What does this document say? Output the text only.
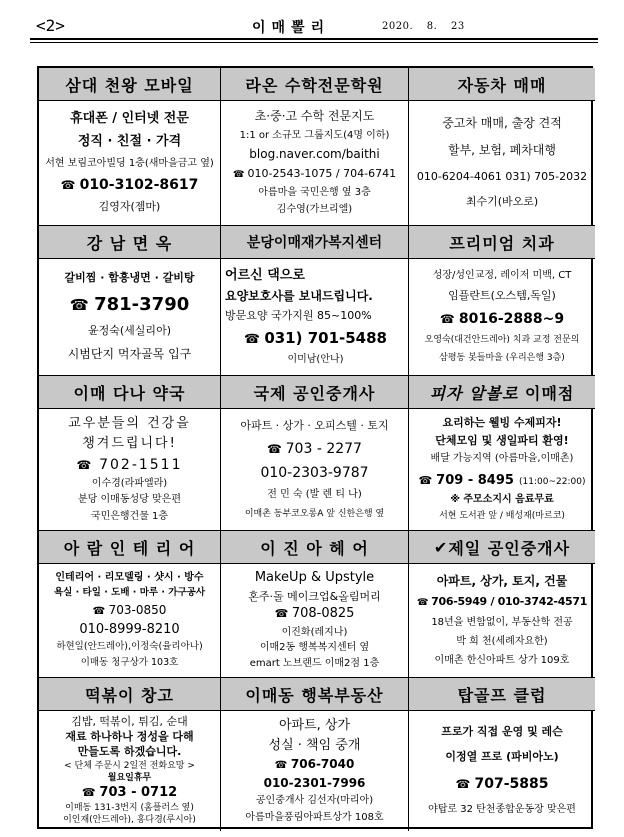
<2>	이매뽈리	2020. 8. 23
삼대 천왕 모바일
휴대폰 / 인터넷 전문
정직 · 친절 · 가격
서현 보림코아빌딩 1층(새마을금고 옆)
☎ 010-3102-8617
김영자(젬마)
라온 수학전문학원
초·중·고 수학 전문지도
1:1 or 소규모 그룹지도(4명 이하)
blog.naver.com/baithi
☎ 010-2543-1075 / 704-6741
아름마을 국민은행 옆 3층
김수영(가브리엘)
자동차 매매
중고차 매매, 출장 견적
할부, 보험, 폐차대행
010-6204-4061 031) 705-2032
최수기(바오로)
강 남 면 옥
갈비찜 · 함흥냉면 · 갈비탕
☎ 781-3790
윤정숙(세실리아)
시범단지 먹자골목 입구
분당이매재가복지센터
어르신 댁으로
요양보호사를 보내드립니다.
방문요양 국가지원 85~100%
☎ 031) 701-5488
이미남(안나)
프리미엄 치과
성장/성인교정, 레이저 미백, CT
임플란트(오스템,독일)
☎ 8016-2888~9
오영숙(대건안드레아) 치과 교정 전문의
삼평동 봇들마을 (우리은행 3층)
이매 다나 약국
교우분들의 건강을
챙겨드립니다!
☎ 702-1511
이수경(라파엘라)
분당 이매동성당 맞은편
국민은행건물 1층
국제 공인중개사
아파트 · 상가 · 오피스텔 · 토지
☎ 703 - 2277
010-2303-9787
전 민 숙 (발 렌 티 나)
이매촌 동부코오롱A 앞 신한은행 옆
피자 알볼로 이매점
요리하는 웰빙 수제피자!
단체모임 및 생일파티 환영!
배달 가능지역 (아름마을,이매촌)
☎ 709 - 8495 (11:00~22:00)
※ 주모소지시 음료무료
서현 도서관 앞 / 배성재(마르코)
아 람 인 테 리 어
인테리어 · 리모델링 · 샷시 · 방수
욕실 · 타일 · 도배 · 마루 · 가구공사
☎ 703-0850
010-8999-8210
하현일(안드레아),이정숙(율리아나)
이매동 청구상가 103호
이 진 아 헤 어
MakeUp & Upstyle
혼주·돌 메이크업&올림머리
☎ 708-0825
이진화(레지나)
이매2동 행복복지센터 옆
emart 노브랜드 이매2점 1층
✔ 제일 공인중개사
아파트, 상가, 토지, 건물
☎ 706-5949 / 010-3742-4571
18년을 변함없이, 부동산학 전공
박 희 천(세례자요한)
이매촌 한신아파트 상가 109호
떡볶이 창고
김밥, 떡볶이, 튀김, 순대
재료 하나하나 정성을 다해
만들도록 하겠습니다.
< 단체 주문시 2일전 전화요망 >
월요일휴무
☎ 703 - 0712
이매동 131-3번지 (홈플러스 옆)
이인재(안드레아), 홍다경(루시아)
이매동 행복부동산
아파트, 상가
성실 · 책임 중개
☎ 706-7040
010-2301-7996
공인중개사 김선자(마리아)
아름마을풍림아파트상가 108호
탑골프 클럽
프로가 직접 운영 및 레슨
이정열 프로 (파비아노)
☎ 707-5885
야탑로 32 탄천종합운동장 맞은편
